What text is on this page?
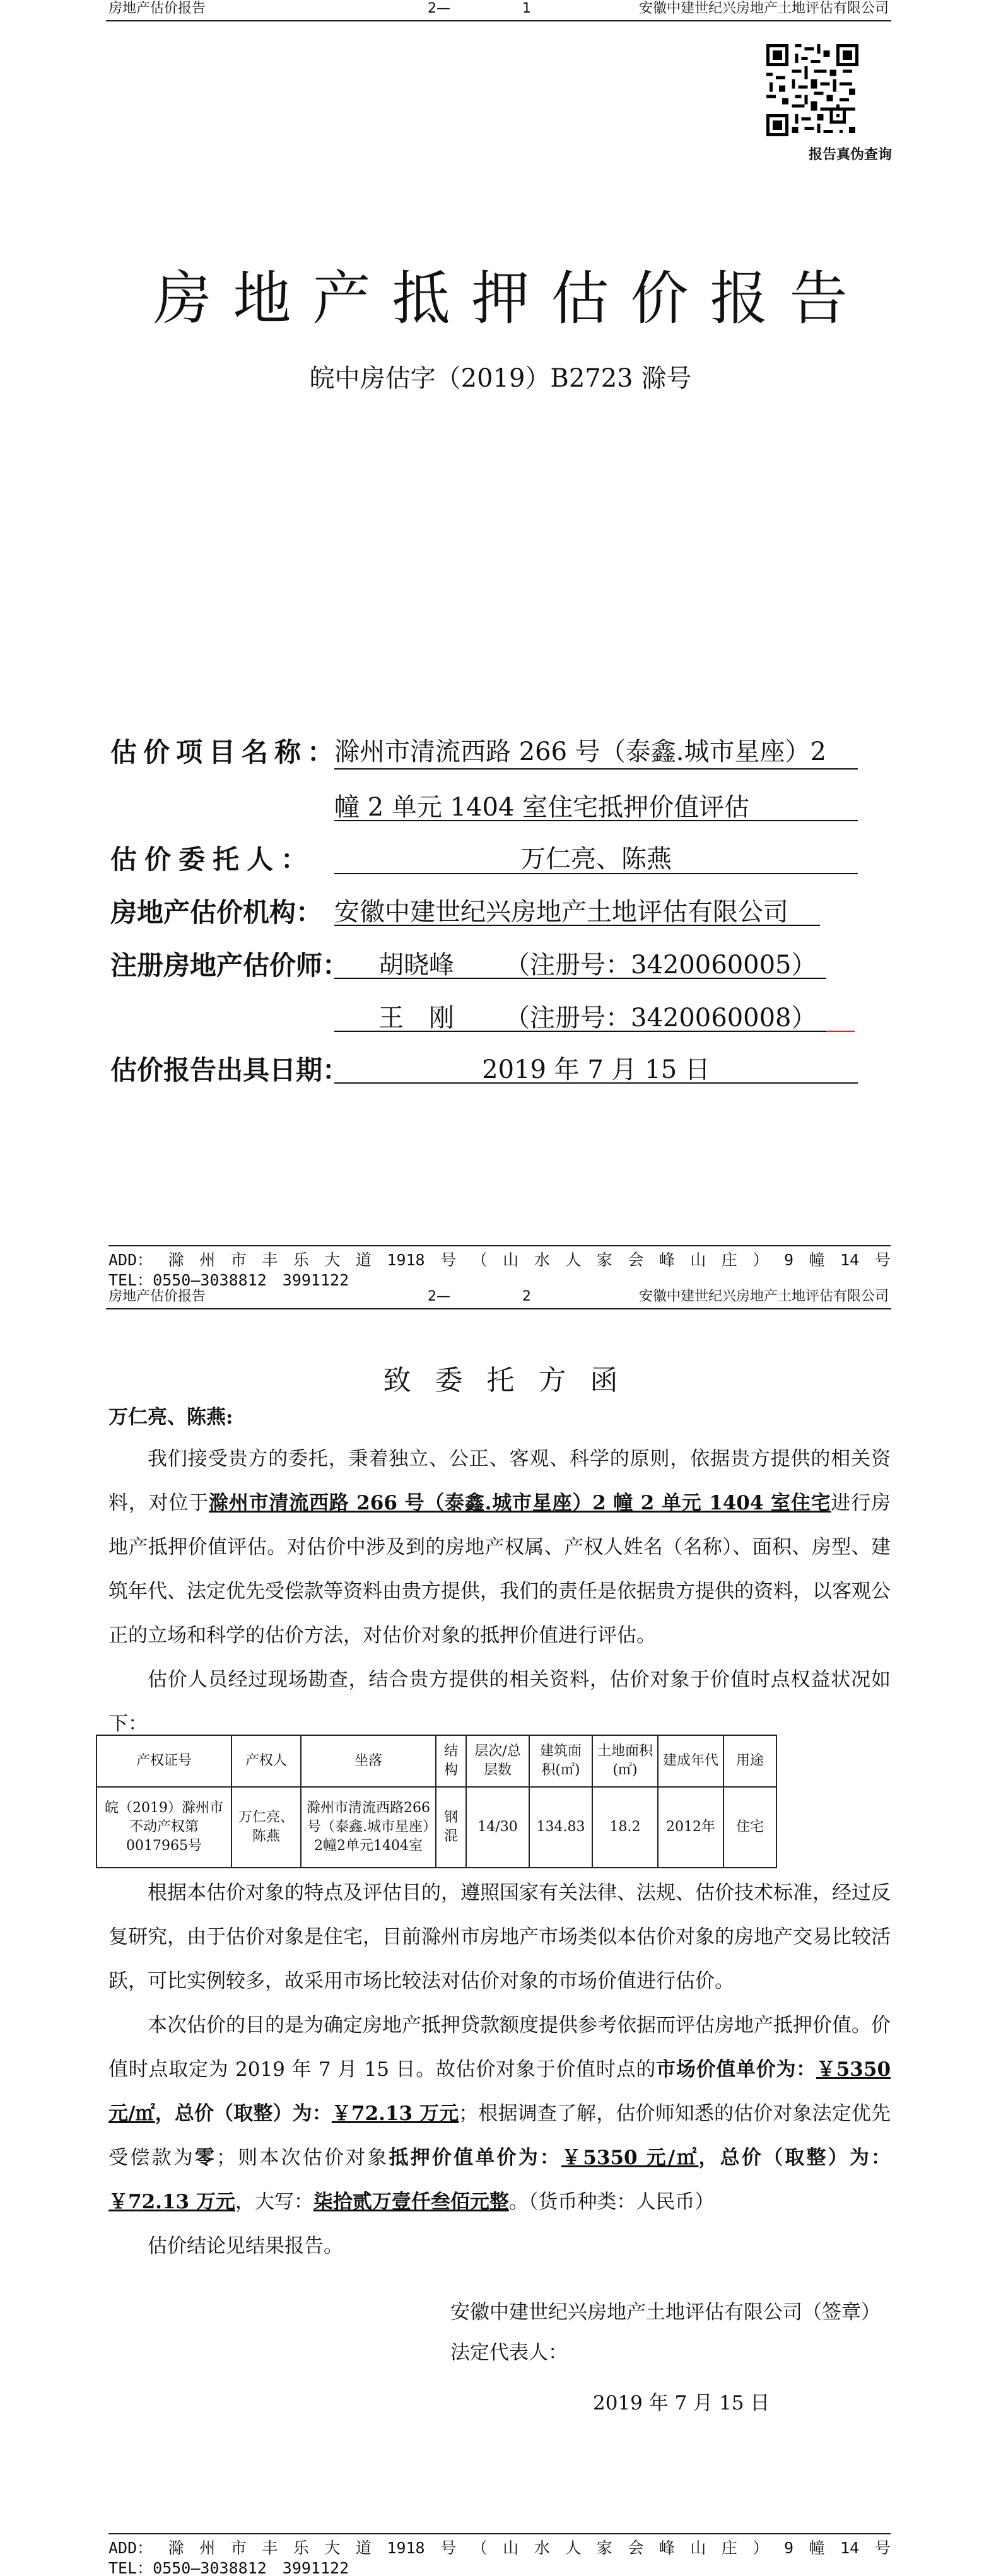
房地产估价报告	2—	1	安徽中建世纪兴房地产土地评估有限公司
报告真伪查询
房地产抵押估价报告
皖中房估字（2019）B2723 滁号
估价项目名称：
滁州市清流西路 266 号（泰鑫.城市星座）2
幢 2 单元 1404 室住宅抵押价值评估
估价委托人：	万仁亮、陈燕
房地产估价机构： 安徽中建世纪兴房地产土地评估有限公司
注册房地产估价师： 胡晓峰 （注册号：3420060005）
王　刚 （注册号：3420060008）
估价报告出具日期：	2019 年 7 月 15 日
ADD： 滁 州 市 丰 乐 大 道 1918 号 （ 山 水 人 家 会 峰 山 庄 ） 9 幢 14 号
TEL：0550—3038812　3991122
房地产估价报告	2—	2	安徽中建世纪兴房地产土地评估有限公司
ADD： 滁 州 市 丰 乐 大 道 1918 号 （ 山 水 人 家 会 峰 山 庄 ） 9 幢 14 号
TEL：0550—3038812　3991122
致委托方函
万仁亮、陈燕:

我们接受贵方的委托，秉着独立、公正、客观、科学的原则，依据贵方提供的相关资料，对位于滁州市清流西路 266 号（泰鑫.城市星座）2 幢 2 单元 1404 室住宅进行房地产抵押价值评估。对估价中涉及到的房地产权属、产权人姓名（名称）、面积、房型、建筑年代、法定优先受偿款等资料由贵方提供，我们的责任是依据贵方提供的资料，以客观公正的立场和科学的估价方法，对估价对象的抵押价值进行评估。

估价人员经过现场勘查，结合贵方提供的相关资料，估价对象于价值时点权益状况如下：

产权证号	产权人	坐落	结构	层次/总层数	建筑面积(㎡)	土地面积(㎡)	建成年代	用途
皖（2019）滁州市不动产权第0017965号	万仁亮、陈燕	滁州市清流西路266号（泰鑫.城市星座）2幢2单元1404室	钢混	14/30	134.83	18.2	2012年	住宅

根据本估价对象的特点及评估目的，遵照国家有关法律、法规、估价技术标准，经过反复研究，由于估价对象是住宅，目前滁州市房地产市场类似本估价对象的房地产交易比较活跃，可比实例较多，故采用市场比较法对估价对象的市场价值进行估价。

本次估价的目的是为确定房地产抵押贷款额度提供参考依据而评估房地产抵押价值。价值时点取定为 2019 年 7 月 15 日。故估价对象于价值时点的市场价值单价为：￥5350 元/㎡，总价（取整）为：￥72.13 万元；根据调查了解，估价师知悉的估价对象法定优先受偿款为零；则本次估价对象抵押价值单价为：￥5350 元/㎡，总价（取整）为：￥72.13 万元，大写：柒拾贰万壹仟叁佰元整。（货币种类：人民币）

估价结论见结果报告。

安徽中建世纪兴房地产土地评估有限公司（签章）
法定代表人：
2019 年 7 月 15 日
